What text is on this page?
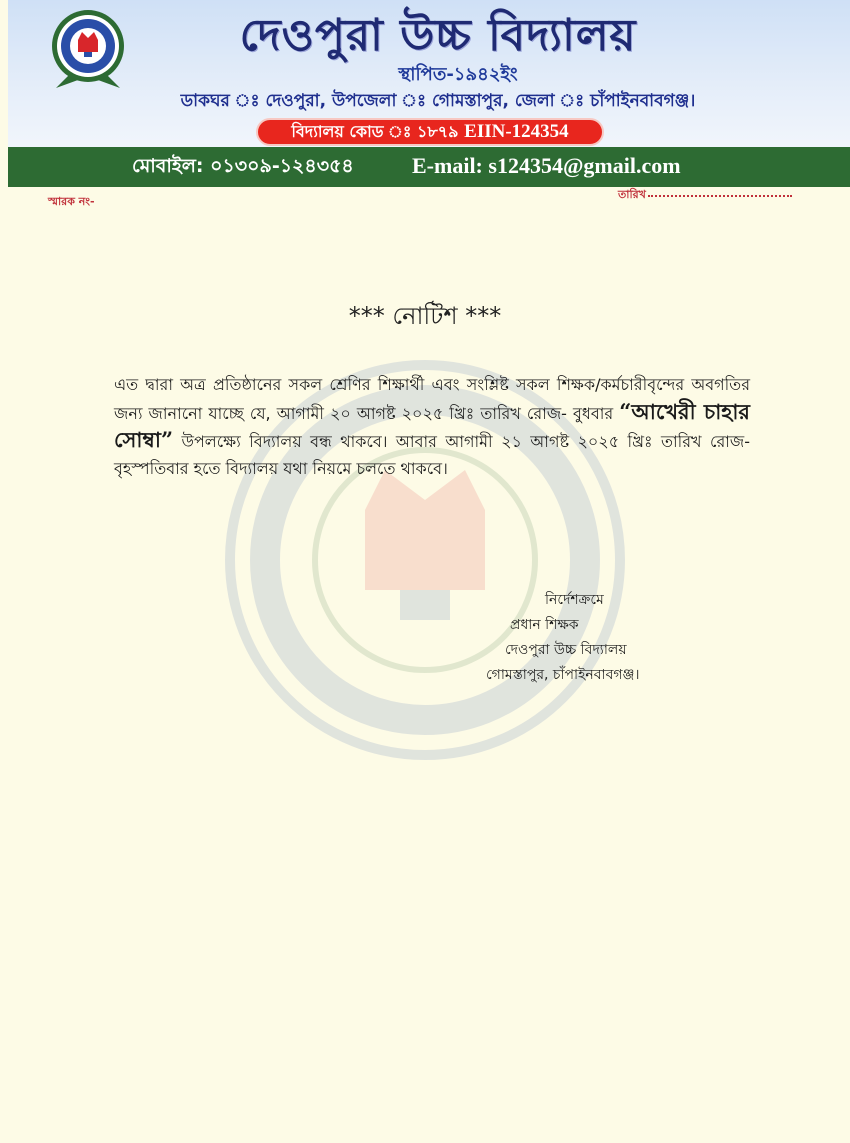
দেওপুরা উচ্চ বিদ্যালয়
স্থাপিত-১৯৪২ইং
ডাকঘর ঃ দেওপুরা, উপজেলা ঃ গোমস্তাপুর, জেলা ঃ চাঁপাইনবাবগঞ্জ।
বিদ্যালয় কোড ঃ ১৮৭৯ EIIN-124354
মোবাইল: ০১৩০৯-১২৪৩৫৪	E-mail: s124354@gmail.com
স্মারক নং-
তারিখ
*** নোটিশ ***
এত দ্বারা অত্র প্রতিষ্ঠানের সকল শ্রেণির শিক্ষার্থী এবং সংশ্লিষ্ট সকল শিক্ষক/কর্মচারীবৃন্দের অবগতির জন্য জানানো যাচ্ছে যে, আগামী ২০ আগষ্ট ২০২৫ খ্রিঃ তারিখ রোজ- বুধবার “আখেরী চাহার সোম্বা” উপলক্ষ্যে বিদ্যালয় বন্ধ থাকবে। আবার আগামী ২১ আগষ্ট ২০২৫ খ্রিঃ তারিখ রোজ- বৃহস্পতিবার হতে বিদ্যালয় যথা নিয়মে চলতে থাকবে।
নির্দেশক্রমে
প্রধান শিক্ষক
দেওপুরা উচ্চ বিদ্যালয়
গোমস্তাপুর, চাঁপাইনবাবগঞ্জ।
